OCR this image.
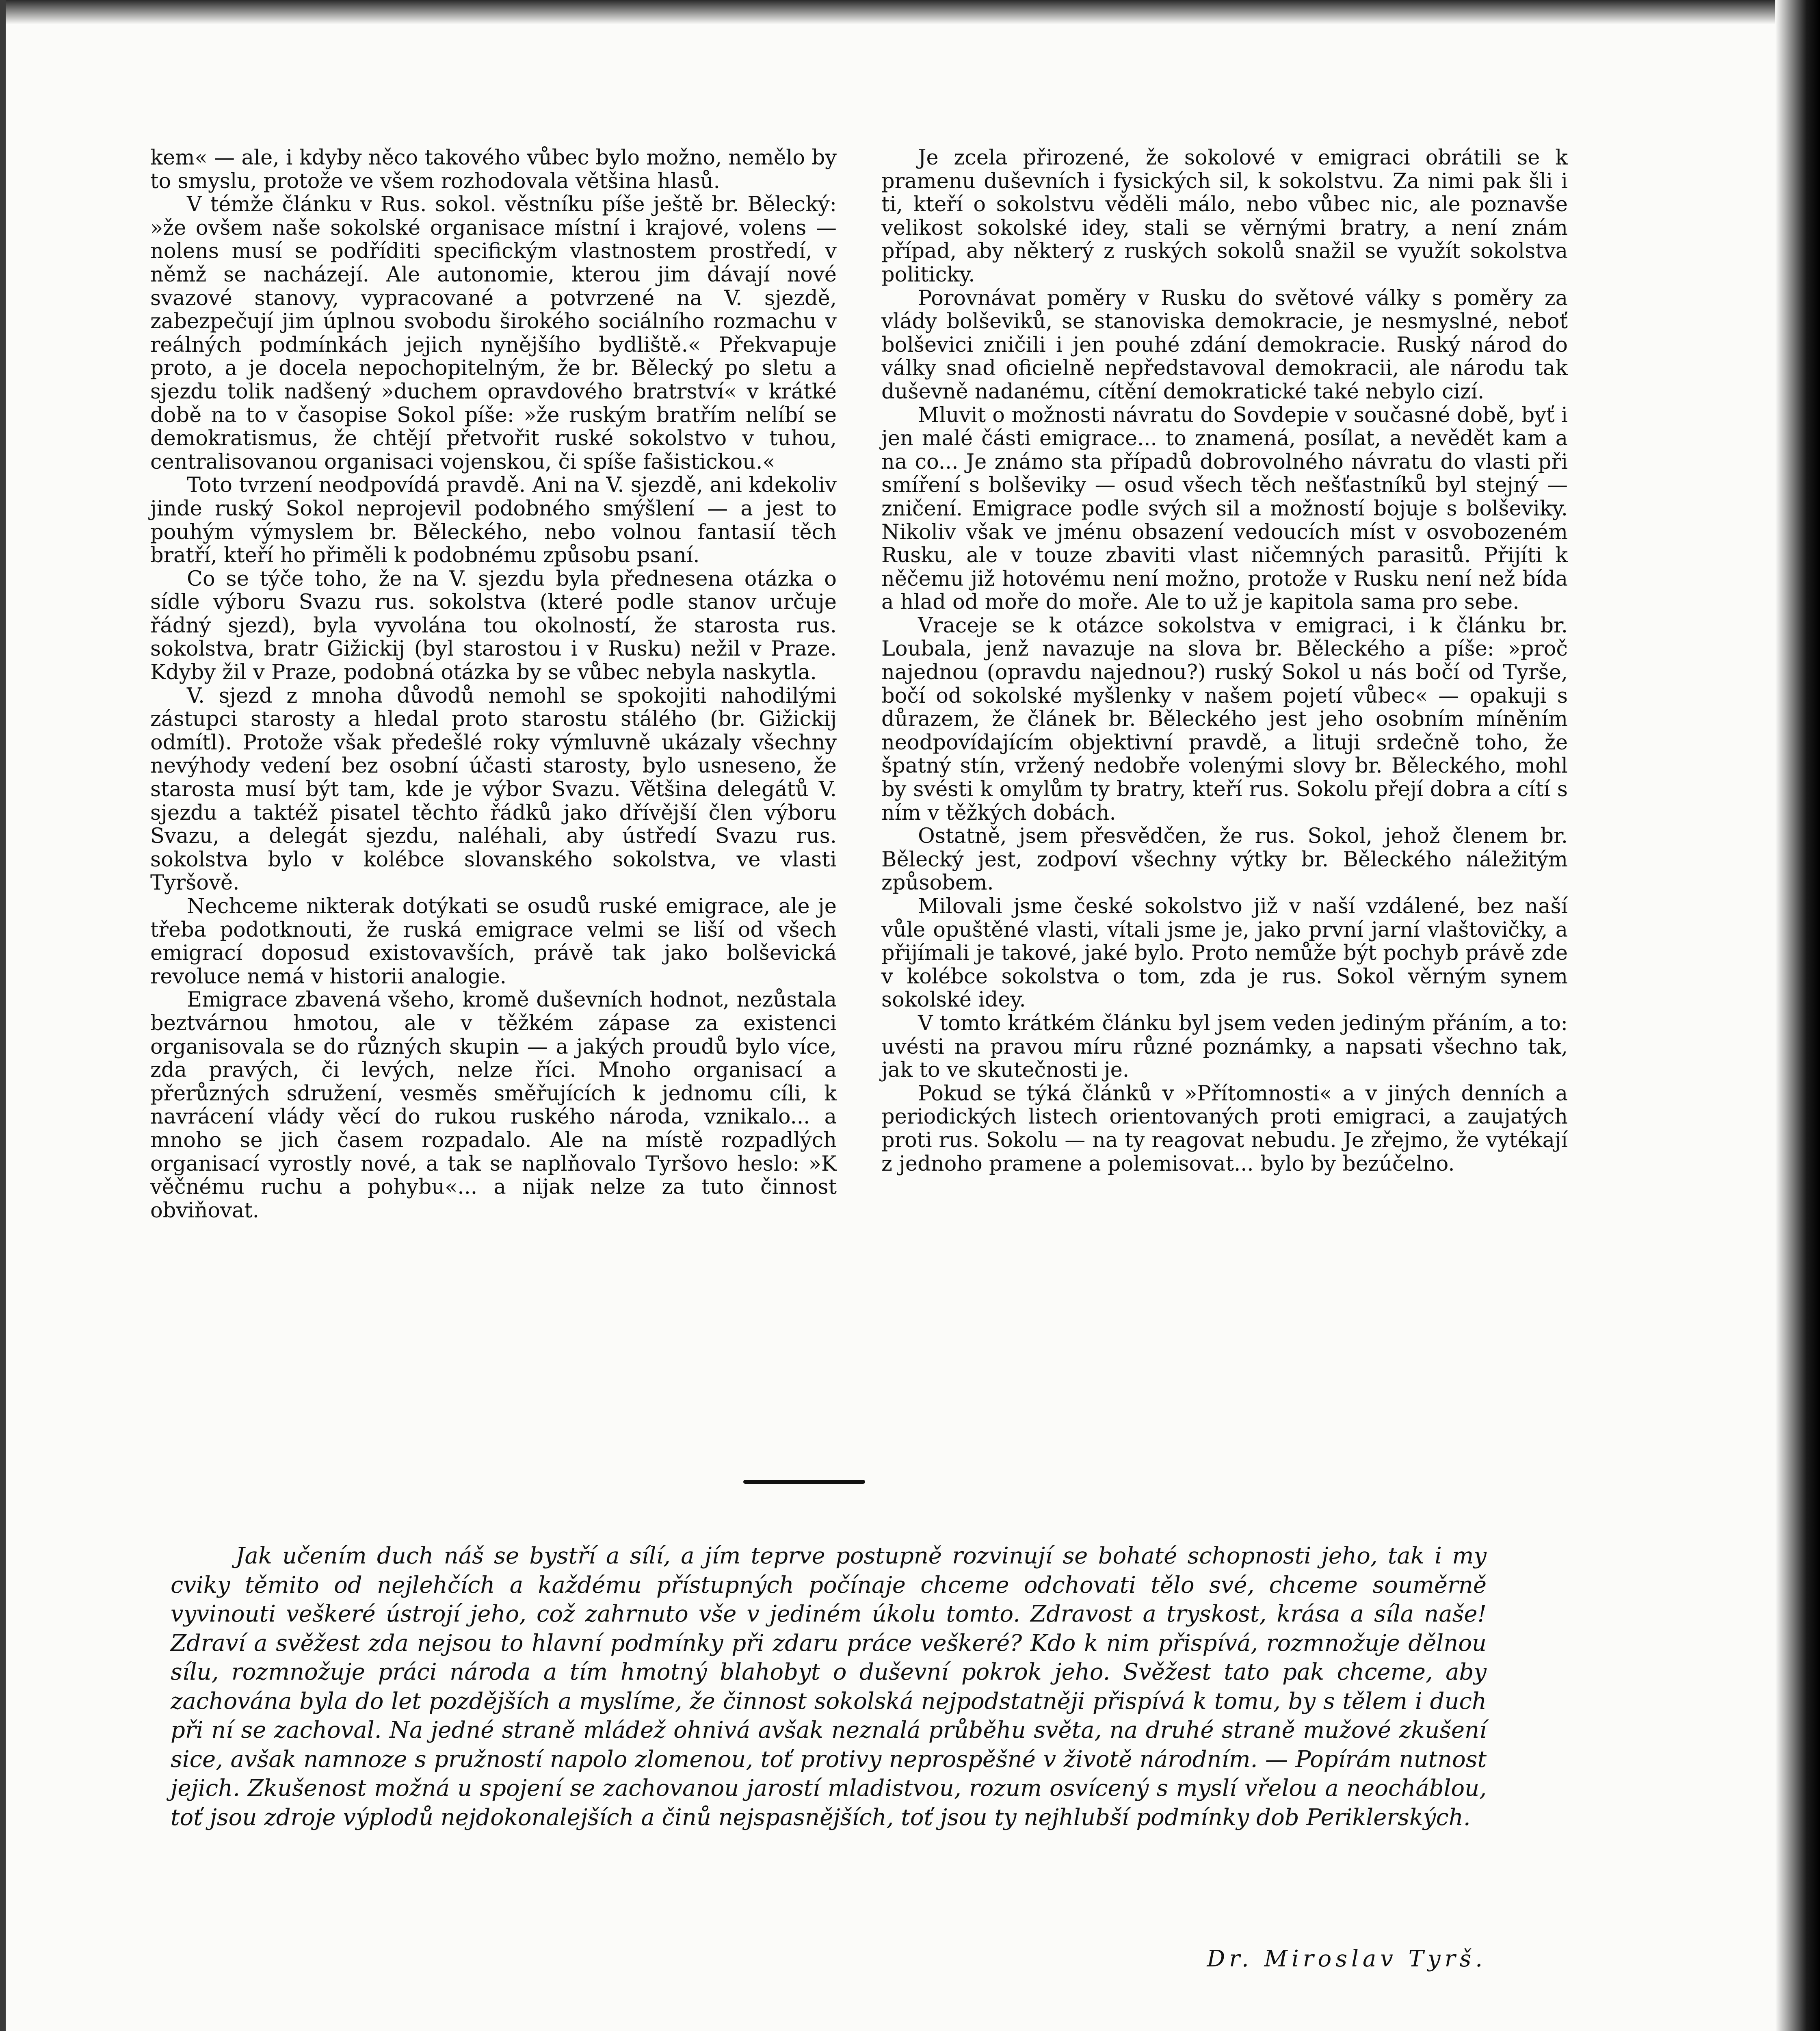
kem« — ale, i kdyby něco takového vůbec bylo možno, nemělo by to smyslu, protože ve všem rozhodovala většina hlasů.

V témže článku v Rus. sokol. věstníku píše ještě br. Bělecký: »že ovšem naše sokolské organisace místní i krajové, volens — nolens musí se podříditi specifickým vlastnostem prostředí, v němž se nacházejí. Ale autonomie, kterou jim dávají nové svazové stanovy, vypracované a potvrzené na V. sjezdě, zabezpečují jim úplnou svobodu širokého sociálního rozmachu v reálných podmínkách jejich nynějšího bydliště.« Překvapuje proto, a je docela nepochopitelným, že br. Bělecký po sletu a sjezdu tolik nadšený »duchem opravdového bratrství« v krátké době na to v časopise Sokol píše: »že ruským bratřím nelíbí se demokratismus, že chtějí přetvořit ruské sokolstvo v tuhou, centralisovanou organisaci vojenskou, či spíše fašistickou.«

Toto tvrzení neodpovídá pravdě. Ani na V. sjezdě, ani kdekoliv jinde ruský Sokol neprojevil podobného smýšlení — a jest to pouhým výmyslem br. Běleckého, nebo volnou fantasií těch bratří, kteří ho přiměli k podobnému způsobu psaní.

Co se týče toho, že na V. sjezdu byla přednesena otázka o sídle výboru Svazu rus. sokolstva (které podle stanov určuje řádný sjezd), byla vyvolána tou okolností, že starosta rus. sokolstva, bratr Gižickij (byl starostou i v Rusku) nežil v Praze. Kdyby žil v Praze, podobná otázka by se vůbec nebyla naskytla.

V. sjezd z mnoha důvodů nemohl se spokojiti nahodilými zástupci starosty a hledal proto starostu stálého (br. Gižickij odmítl). Protože však předešlé roky výmluvně ukázaly všechny nevýhody vedení bez osobní účasti starosty, bylo usneseno, že starosta musí být tam, kde je výbor Svazu. Většina delegátů V. sjezdu a taktéž pisatel těchto řádků jako dřívější člen výboru Svazu, a delegát sjezdu, naléhali, aby ústředí Svazu rus. sokolstva bylo v kolébce slovanského sokolstva, ve vlasti Tyršově.

Nechceme nikterak dotýkati se osudů ruské emigrace, ale je třeba podotknouti, že ruská emigrace velmi se liší od všech emigrací doposud existovavších, právě tak jako bolševická revoluce nemá v historii analogie.

Emigrace zbavená všeho, kromě duševních hodnot, nezůstala beztvárnou hmotou, ale v těžkém zápase za existenci organisovala se do různých skupin — a jakých proudů bylo více, zda pravých, či levých, nelze říci. Mnoho organisací a přerůzných sdružení, vesměs směřujících k jednomu cíli, k navrácení vlády věcí do rukou ruského národa, vznikalo... a mnoho se jich časem rozpadalo. Ale na místě rozpadlých organisací vyrostly nové, a tak se naplňovalo Tyršovo heslo: »K věčnému ruchu a pohybu«... a nijak nelze za tuto činnost obviňovat.

Je zcela přirozené, že sokolové v emigraci obrátili se k pramenu duševních i fysických sil, k sokolstvu. Za nimi pak šli i ti, kteří o sokolstvu věděli málo, nebo vůbec nic, ale poznavše velikost sokolské idey, stali se věrnými bratry, a není znám případ, aby některý z ruských sokolů snažil se využít sokolstva politicky.

Porovnávat poměry v Rusku do světové války s poměry za vlády bolševiků, se stanoviska demokracie, je nesmyslné, neboť bolševici zničili i jen pouhé zdání demokracie. Ruský národ do války snad oficielně nepředstavoval demokracii, ale národu tak duševně nadanému, cítění demokratické také nebylo cizí.

Mluvit o možnosti návratu do Sovdepie v současné době, byť i jen malé části emigrace... to znamená, posílat, a nevědět kam a na co... Je známo sta případů dobrovolného návratu do vlasti při smíření s bolševiky — osud všech těch nešťastníků byl stejný — zničení. Emigrace podle svých sil a možností bojuje s bolševiky. Nikoliv však ve jménu obsazení vedoucích míst v osvobozeném Rusku, ale v touze zbaviti vlast ničemných parasitů. Přijíti k něčemu již hotovému není možno, protože v Rusku není než bída a hlad od moře do moře. Ale to už je kapitola sama pro sebe.

Vraceje se k otázce sokolstva v emigraci, i k článku br. Loubala, jenž navazuje na slova br. Běleckého a píše: »proč najednou (opravdu najednou?) ruský Sokol u nás bočí od Tyrše, bočí od sokolské myšlenky v našem pojetí vůbec« — opakuji s důrazem, že článek br. Běleckého jest jeho osobním míněním neodpovídajícím objektivní pravdě, a lituji srdečně toho, že špatný stín, vržený nedobře volenými slovy br. Běleckého, mohl by svésti k omylům ty bratry, kteří rus. Sokolu přejí dobra a cítí s ním v těžkých dobách.

Ostatně, jsem přesvědčen, že rus. Sokol, jehož členem br. Bělecký jest, zodpoví všechny výtky br. Běleckého náležitým způsobem.

Milovali jsme české sokolstvo již v naší vzdálené, bez naší vůle opuštěné vlasti, vítali jsme je, jako první jarní vlaštovičky, a přijímali je takové, jaké bylo. Proto nemůže být pochyb právě zde v kolébce sokolstva o tom, zda je rus. Sokol věrným synem sokolské idey.

V tomto krátkém článku byl jsem veden jediným přáním, a to: uvésti na pravou míru různé poznámky, a napsati všechno tak, jak to ve skutečnosti je.

Pokud se týká článků v »Přítomnosti« a v jiných denních a periodických listech orientovaných proti emigraci, a zaujatých proti rus. Sokolu — na ty reagovat nebudu. Je zřejmo, že vytékají z jednoho pramene a polemisovat... bylo by bezúčelno.

Jak učením duch náš se bystří a sílí, a jím teprve postupně rozvinují se bohaté schopnosti jeho, tak i my cviky těmito od nejlehčích a každému přístupných počínaje chceme odchovati tělo své, chceme souměrně vyvinouti veškeré ústrojí jeho, což zahrnuto vše v jediném úkolu tomto. Zdravost a tryskost, krása a síla naše! Zdraví a svěžest zda nejsou to hlavní podmínky při zdaru práce veškeré? Kdo k nim přispívá, rozmnožuje dělnou sílu, rozmnožuje práci národa a tím hmotný blahobyt o duševní pokrok jeho. Svěžest tato pak chceme, aby zachována byla do let pozdějších a myslíme, že činnost sokolská nejpodstatněji přispívá k tomu, by s tělem i duch při ní se zachoval. Na jedné straně mládež ohnivá avšak neznalá průběhu světa, na druhé straně mužové zkušení sice, avšak namnoze s pružností napolo zlomenou, toť protivy neprospěšné v životě národním. — Popírám nutnost jejich. Zkušenost možná u spojení se zachovanou jarostí mladistvou, rozum osvícený s myslí vřelou a neocháblou, toť jsou zdroje výplodů nejdokonalejších a činů nejspasnějších, toť jsou ty nejhlubší podmínky dob Periklerských.

Dr. Miroslav Tyrš.
